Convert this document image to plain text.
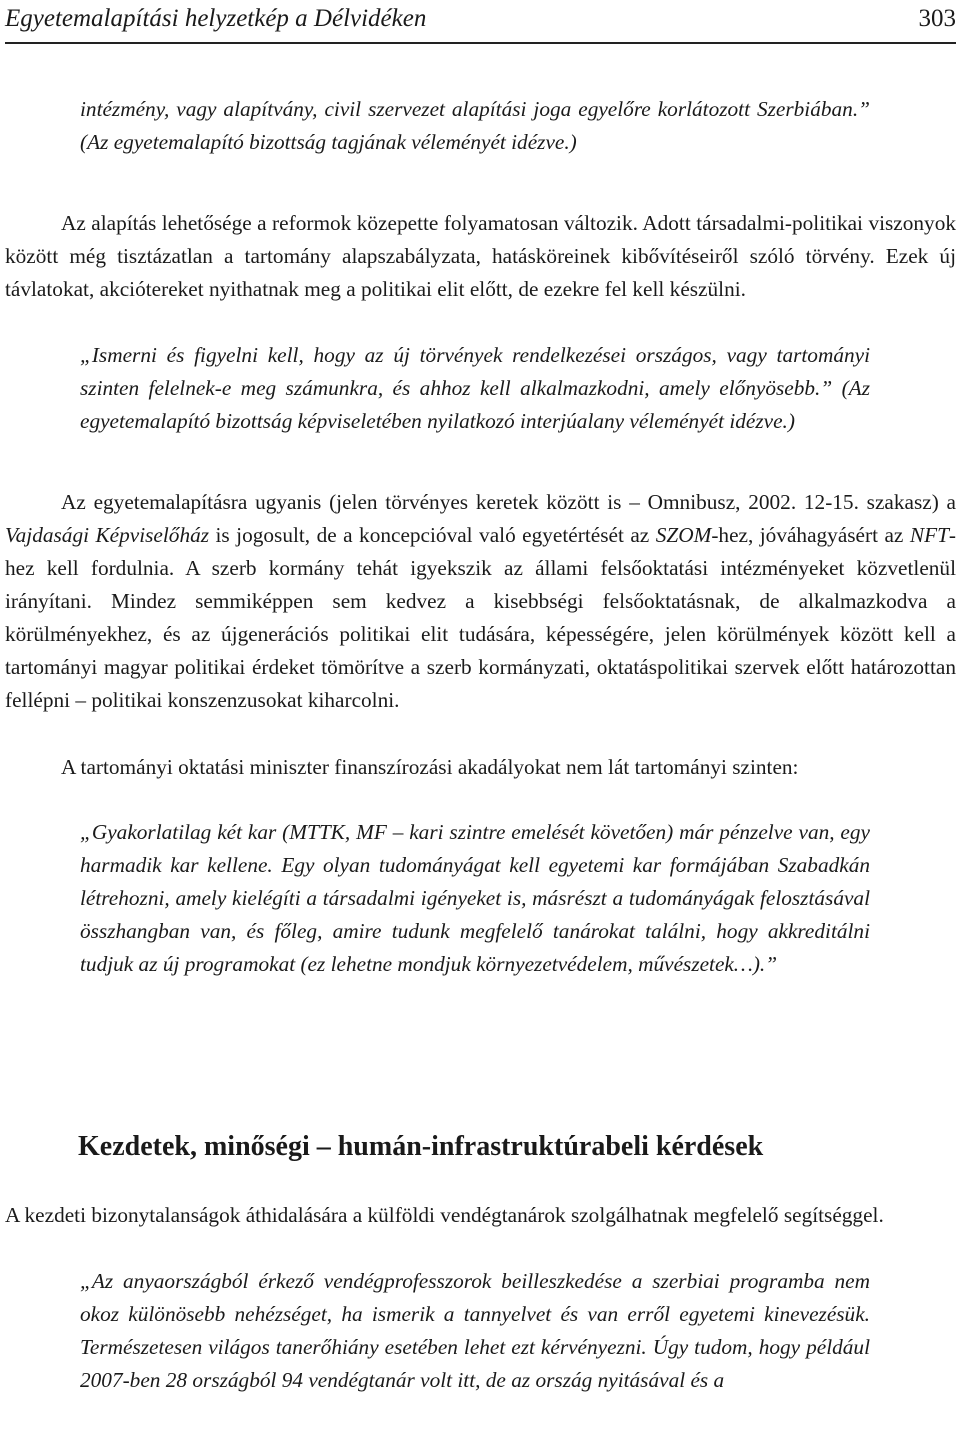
Egyetemalapítási helyzetkép a Délvidéken	303

intézmény, vagy alapítvány, civil szervezet alapítási joga egyelőre korlátozott Szerbiában.” (Az egyetemalapító bizottság tagjának véleményét idézve.)

Az alapítás lehetősége a reformok közepette folyamatosan változik. Adott társadalmi-politikai viszonyok között még tisztázatlan a tartomány alapszabályzata, hatásköreinek kibővítéseiről szóló törvény. Ezek új távlatokat, akciótereket nyithatnak meg a politikai elit előtt, de ezekre fel kell készülni.

„Ismerni és figyelni kell, hogy az új törvények rendelkezései országos, vagy tartományi szinten felelnek-e meg számunkra, és ahhoz kell alkalmazkodni, amely előnyösebb.” (Az egyetemalapító bizottság képviseletében nyilatkozó interjúalany véleményét idézve.)

Az egyetemalapításra ugyanis (jelen törvényes keretek között is – Omnibusz, 2002. 12-15. szakasz) a Vajdasági Képviselőház is jogosult, de a koncepcióval való egyetértését az SZOM-hez, jóváhagyásért az NFT-hez kell fordulnia. A szerb kormány tehát igyekszik az állami felsőoktatási intézményeket közvetlenül irányítani. Mindez semmiképpen sem kedvez a kisebbségi felsőoktatásnak, de alkalmazkodva a körülményekhez, és az újgenerációs politikai elit tudására, képességére, jelen körülmények között kell a tartományi magyar politikai érdeket tömörítve a szerb kormányzati, oktatáspolitikai szervek előtt határozottan fellépni – politikai konszenzusokat kiharcolni.

A tartományi oktatási miniszter finanszírozási akadályokat nem lát tartományi szinten:

„Gyakorlatilag két kar (MTTK, MF – kari szintre emelését követően) már pénzelve van, egy harmadik kar kellene. Egy olyan tudományágat kell egyetemi kar formájában Szabadkán létrehozni, amely kielégíti a társadalmi igényeket is, másrészt a tudományágak felosztásával összhangban van, és főleg, amire tudunk megfelelő tanárokat találni, hogy akkreditálni tudjuk az új programokat (ez lehetne mondjuk környezetvédelem, művészetek…).”

Kezdetek, minőségi – humán-infrastruktúrabeli kérdések

A kezdeti bizonytalanságok áthidalására a külföldi vendégtanárok szolgálhatnak megfelelő segítséggel.

„Az anyaországból érkező vendégprofesszorok beilleszkedése a szerbiai programba nem okoz különösebb nehézséget, ha ismerik a tannyelvet és van erről egyetemi kinevezésük. Természetesen világos tanerőhiány esetében lehet ezt kérvényezni. Úgy tudom, hogy például 2007-ben 28 országból 94 vendégtanár volt itt, de az ország nyitásával és a
